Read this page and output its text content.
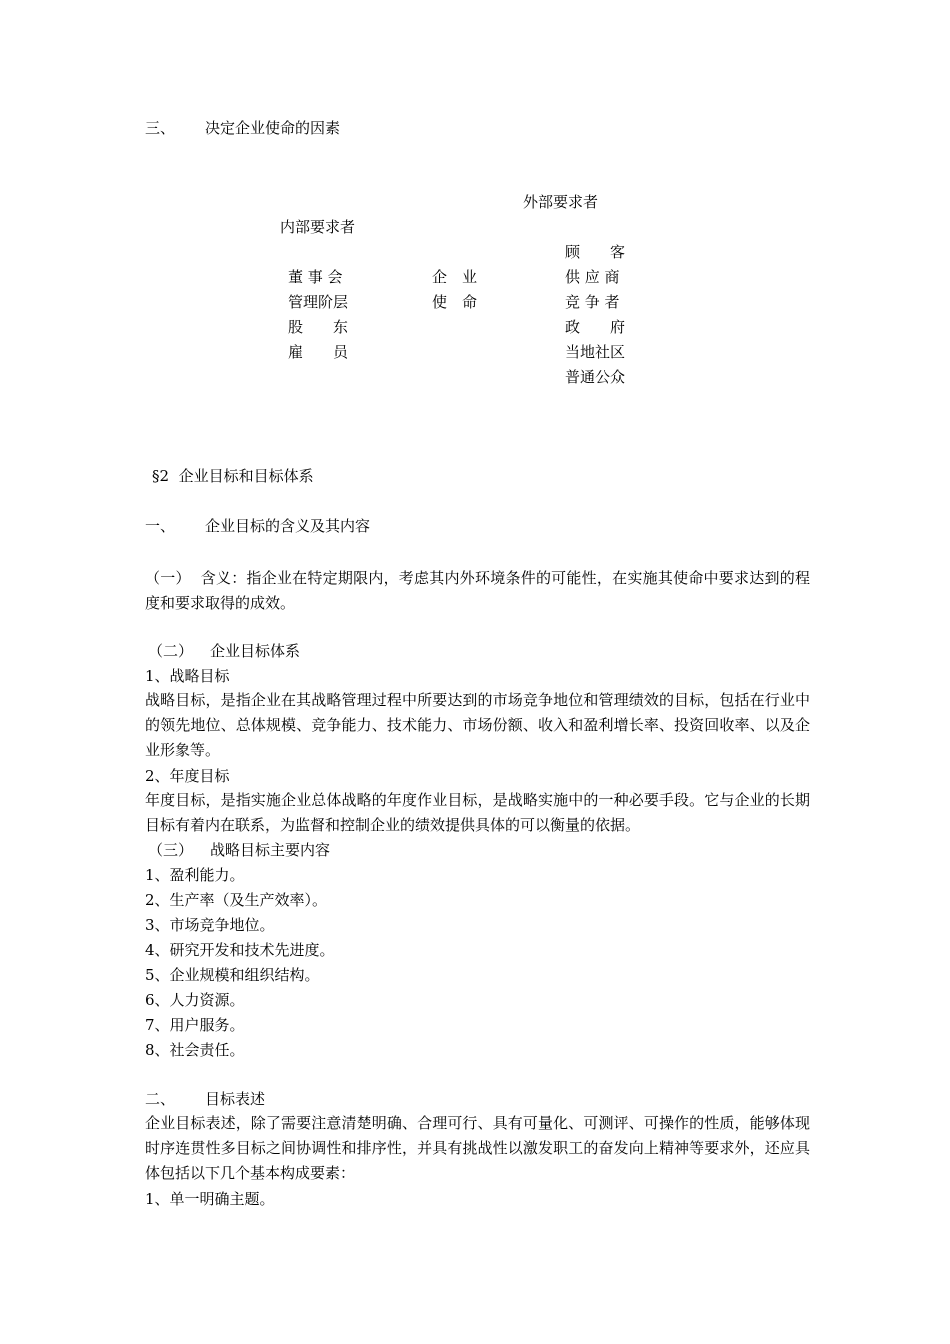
三、 决定企业使命的因素
外部要求者
内部要求者
董 事 会
管理阶层
股　　东
雇　　员
企　业
使　命
顾　　客
供 应 商
竞 争 者
政　　府
当地社区
普通公众
§2  企业目标和目标体系
一、 企业目标的含义及其内容
（一） 含义：指企业在特定期限内，考虑其内外环境条件的可能性，在实施其使命中要求达到的程度和要求取得的成效。
（二） 企业目标体系
1、战略目标
战略目标，是指企业在其战略管理过程中所要达到的市场竞争地位和管理绩效的目标，包括在行业中的领先地位、总体规模、竞争能力、技术能力、市场份额、收入和盈利增长率、投资回收率、以及企业形象等。
2、年度目标
年度目标，是指实施企业总体战略的年度作业目标，是战略实施中的一种必要手段。它与企业的长期目标有着内在联系，为监督和控制企业的绩效提供具体的可以衡量的依据。
（三） 战略目标主要内容
1、盈利能力。
2、生产率（及生产效率）。
3、市场竞争地位。
4、研究开发和技术先进度。
5、企业规模和组织结构。
6、人力资源。
7、用户服务。
8、社会责任。
二、 目标表述
企业目标表述，除了需要注意清楚明确、合理可行、具有可量化、可测评、可操作的性质，能够体现时序连贯性多目标之间协调性和排序性，并具有挑战性以激发职工的奋发向上精神等要求外，还应具体包括以下几个基本构成要素：
1、单一明确主题。
